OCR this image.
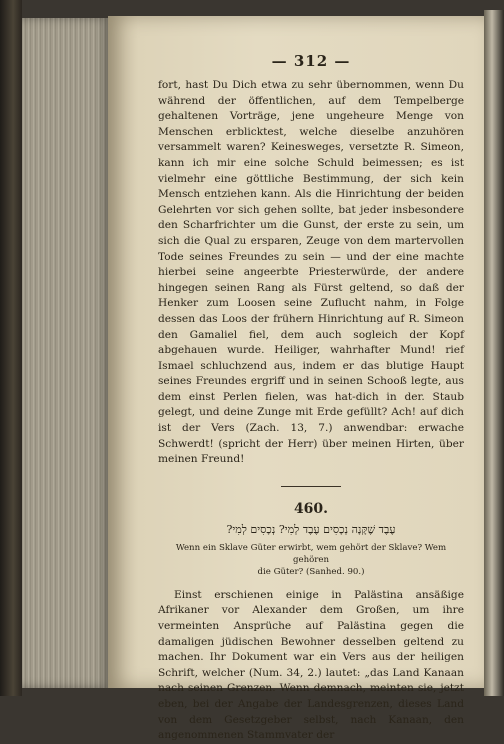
— 312 —

fort, hast Du Dich etwa zu sehr übernommen, wenn Du während der öffentlichen, auf dem Tempelberge gehaltenen Vorträge, jene ungeheure Menge von Menschen erblicktest, welche dieselbe anzuhören versammelt waren? Keinesweges, versetzte R. Simeon, kann ich mir eine solche Schuld beimessen; es ist vielmehr eine göttliche Bestimmung, der sich kein Mensch entziehen kann. Als die Hinrichtung der beiden Gelehrten vor sich gehen sollte, bat jeder insbesondere den Scharfrichter um die Gunst, der erste zu sein, um sich die Qual zu ersparen, Zeuge von dem martervollen Tode seines Freundes zu sein — und der eine machte hierbei seine angeerbte Priesterwürde, der andere hingegen seinen Rang als Fürst geltend, so daß der Henker zum Loosen seine Zuflucht nahm, in Folge dessen das Loos der frühern Hinrichtung auf R. Simeon den Gamaliel fiel, dem auch sogleich der Kopf abgehauen wurde. Heiliger, wahrhafter Mund! rief Ismael schluchzend aus, indem er das blutige Haupt seines Freundes ergriff und in seinen Schooß legte, aus dem einst Perlen fielen, was hat-dich in der. Staub gelegt, und deine Zunge mit Erde gefüllt? Ach! auf dich ist der Vers (Zach. 13, 7.) anwendbar: erwache Schwerdt! (spricht der Herr) über meinen Hirten, über meinen Freund!

460.
עֶבֶד שֶׁקָּנָה נְכָסִים עֶבֶד לְמִי? נְכָסִים לְמִי?
Wenn ein Sklave Güter erwirbt, wem gehört der Sklave? Wem gehören
die Güter? (Sanhed. 90.)

Einst erschienen einige in Palästina ansäßige Afrikaner vor Alexander dem Großen, um ihre vermeinten Ansprüche auf Palästina gegen die damaligen jüdischen Bewohner desselben geltend zu machen. Ihr Dokument war ein Vers aus der heiligen Schrift, welcher (Num. 34, 2.) lautet: „das Land Kanaan nach seinen Grenzen. Wenn demnach, meinten sie, jetzt eben, bei der Angabe der Landesgrenzen, dieses Land von dem Gesetzgeber selbst, nach Kanaan, den angenommenen Stammvater der
